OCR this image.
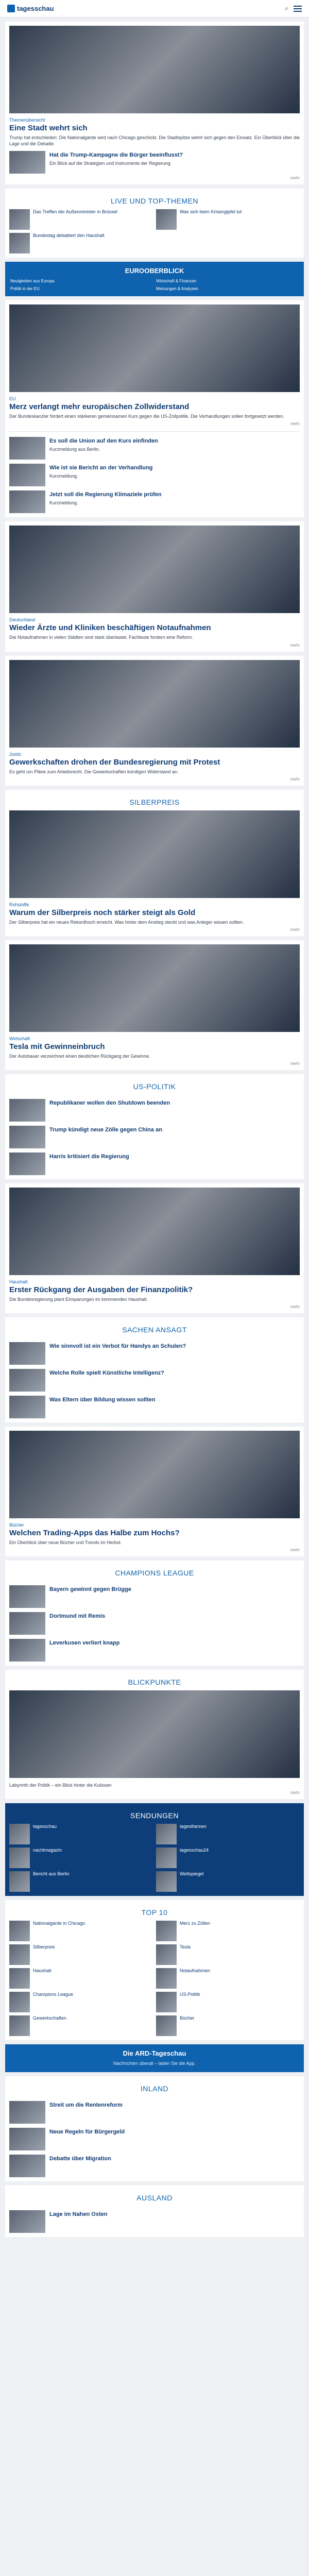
tagesschau	⌕
Themenübersicht
Eine Stadt wehrt sich
Trump hat entschieden: Die Nationalgarde wird nach Chicago geschickt. Die Stadtspitze wehrt sich gegen den Einsatz. Ein Überblick über die Lage und die Debatte.
Hat die Trump-Kampagne die Bürger beeinflusst?
Ein Blick auf die Strategien und Instrumente der Regierung.
mehr
LIVE UND TOP-THEMEN
Das Treffen der Außenminister in Brüssel	Was sich beim Krisengipfel tut
Bundestag debattiert den Haushalt
EUROOBERBLICK
Neuigkeiten aus Europa	Wirtschaft & Finanzen
Politik in der EU	Meinungen & Analysen
EU
Merz verlangt mehr europäischen Zollwiderstand
Der Bundeskanzler fordert einen stärkeren gemeinsamen Kurs gegen die US-Zollpolitik. Die Verhandlungen sollen fortgesetzt werden.
mehr
Es soll die Union auf den Kurs einfinden
Kurzmeldung aus Berlin.
Wie ist sie Bericht an der Verhandlung
Kurzmeldung.
Jetzt soll die Regierung Klimaziele prüfen
Kurzmeldung.
Deutschland
Wieder Ärzte und Kliniken beschäftigen Notaufnahmen
Die Notaufnahmen in vielen Städten sind stark überlastet. Fachleute fordern eine Reform.
mehr
Justiz
Gewerkschaften drohen der Bundesregierung mit Protest
Es geht um Pläne zum Arbeitsrecht. Die Gewerkschaften kündigen Widerstand an.
mehr
SILBERPREIS
Rohstoffe
Warum der Silberpreis noch stärker steigt als Gold
Der Silberpreis hat ein neues Rekordhoch erreicht. Was hinter dem Anstieg steckt und was Anleger wissen sollten.
mehr
Wirtschaft
Tesla mit Gewinneinbruch
Der Autobauer verzeichnet einen deutlichen Rückgang der Gewinne.
mehr
US-POLITIK
Republikaner wollen den Shutdown beenden
Trump kündigt neue Zölle gegen China an
Harris kritisiert die Regierung
Haushalt
Erster Rückgang der Ausgaben der Finanzpolitik?
Die Bundesregierung plant Einsparungen im kommenden Haushalt.
mehr
SACHEN ANSAGT
Wie sinnvoll ist ein Verbot für Handys an Schulen?
Welche Rolle spielt Künstliche Intelligenz?
Was Eltern über Bildung wissen sollten
Bücher
Welchen Trading-Apps das Halbe zum Hochs?
Ein Überblick über neue Bücher und Trends im Herbst.
mehr
CHAMPIONS LEAGUE
Bayern gewinnt gegen Brügge
Dortmund mit Remis
Leverkusen verliert knapp
BLICKPUNKTE
Labyrinth der Politik – ein Blick hinter die Kulissen
mehr
SENDUNGEN
tagesschau	tagesthemen
nachtmagazin	tagesschau24
Bericht aus Berlin	Weltspiegel
TOP 10
Nationalgarde in Chicago	Merz zu Zöllen
Silberpreis	Tesla
Haushalt	Notaufnahmen
Champions League	US-Politik
Gewerkschaften	Bücher
Die ARD-Tageschau
Nachrichten überall – laden Sie die App.
INLAND
Streit um die Rentenreform
Neue Regeln für Bürgergeld
Debatte über Migration
AUSLAND
Lage im Nahen Osten
